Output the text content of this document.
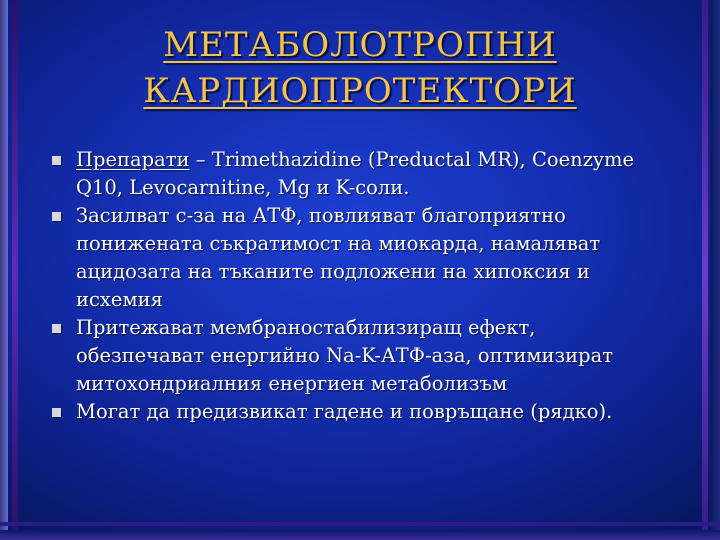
МЕТАБОЛОТРОПНИ
КАРДИОПРОТЕКТОРИ
Препарати – Trimethazidine (Preductal MR), Coenzyme Q10, Levocarnitine, Mg и K-соли.
Засилват с-за на АТФ, повлияват благоприятно понижената съкратимост на миокарда, намаляват ацидозата на тъканите подложени на хипоксия и исхемия
Притежават мембраностабилизиращ ефект, обезпечават енергийно Na-K-АТФ-аза, оптимизират митохондриалния енергиен метаболизъм
Могат да предизвикат гадене и повръщане (рядко).
